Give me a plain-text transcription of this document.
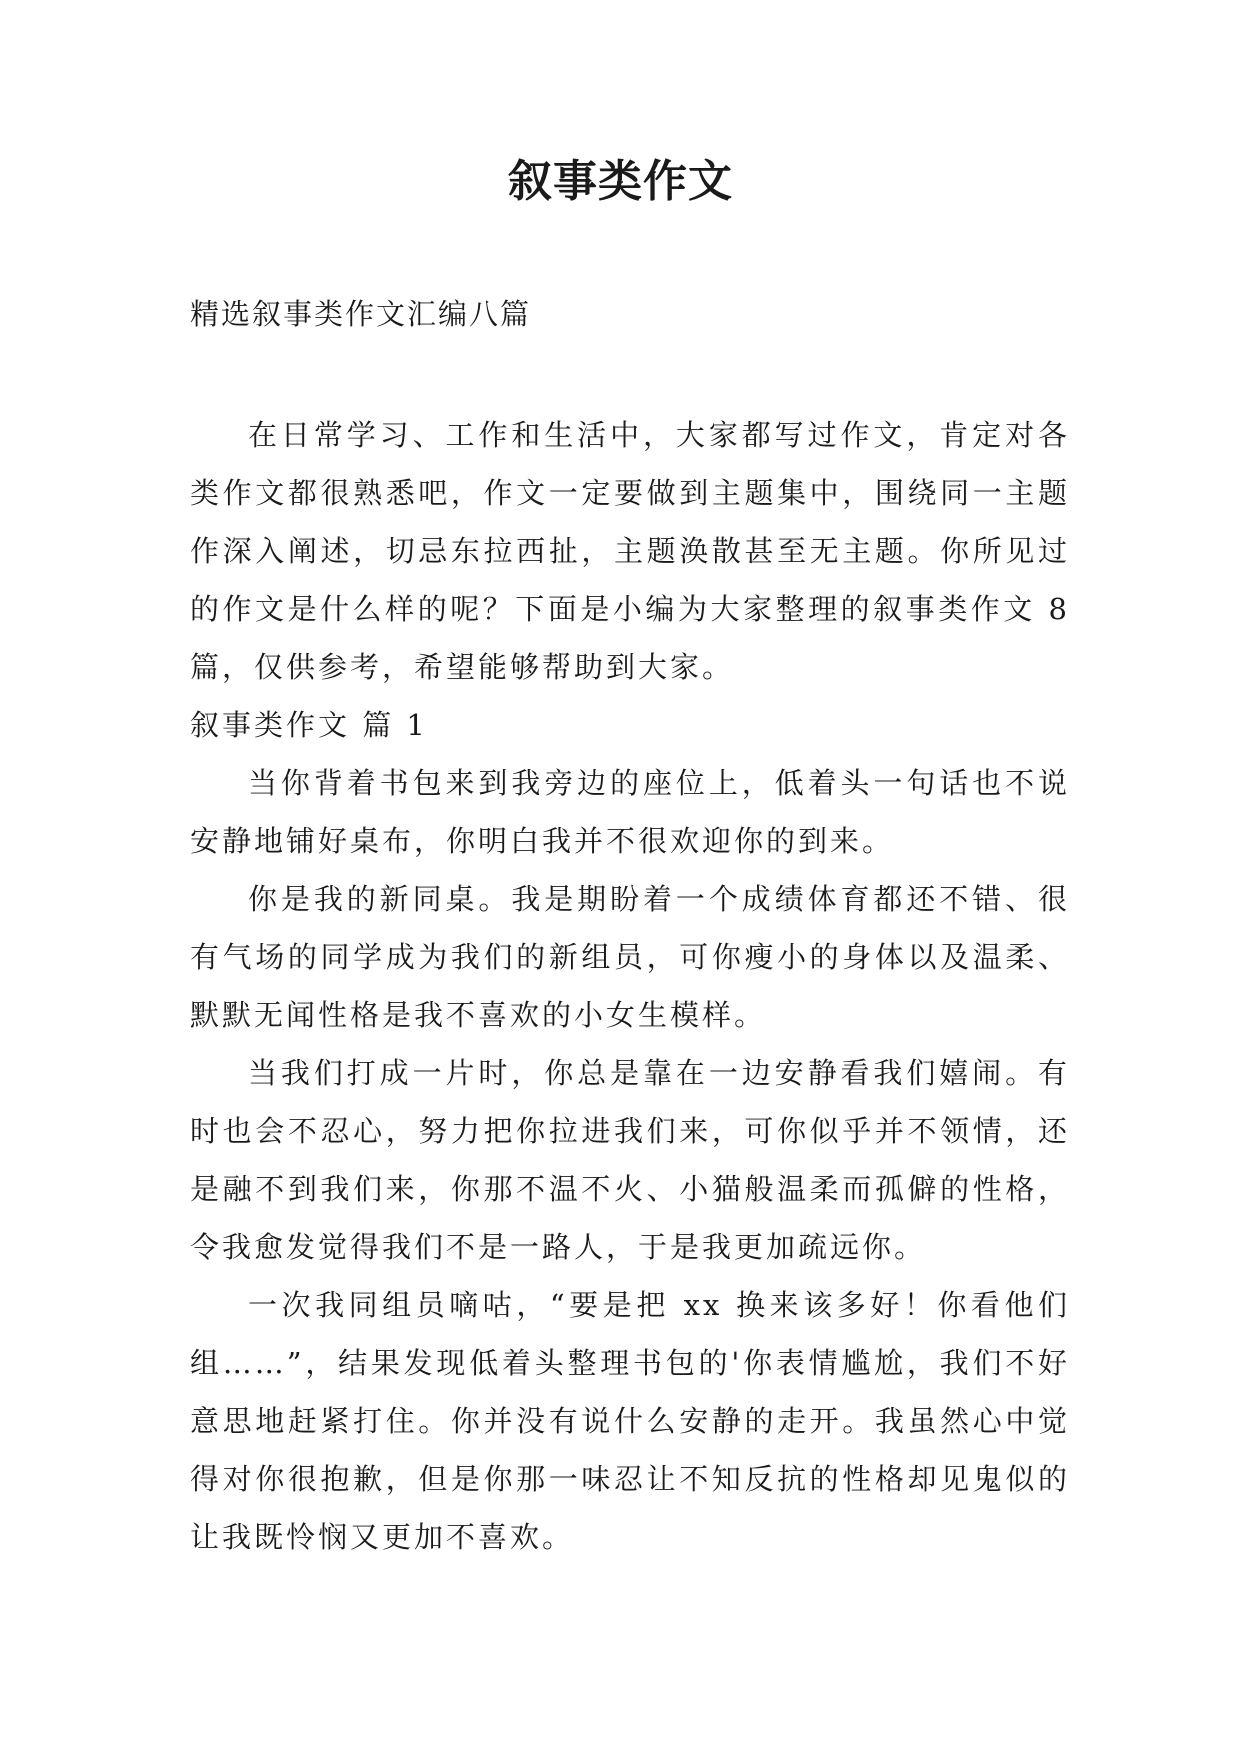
叙事类作文

精选叙事类作文汇编八篇

在日常学习、工作和生活中，大家都写过作文，肯定对各类作文都很熟悉吧，作文一定要做到主题集中，围绕同一主题作深入阐述，切忌东拉西扯，主题涣散甚至无主题。你所见过的作文是什么样的呢？下面是小编为大家整理的叙事类作文 8 篇，仅供参考，希望能够帮助到大家。

叙事类作文 篇 1

当你背着书包来到我旁边的座位上，低着头一句话也不说安静地铺好桌布，你明白我并不很欢迎你的到来。

你是我的新同桌。我是期盼着一个成绩体育都还不错、很有气场的同学成为我们的新组员，可你瘦小的身体以及温柔、默默无闻性格是我不喜欢的小女生模样。

当我们打成一片时，你总是靠在一边安静看我们嬉闹。有时也会不忍心，努力把你拉进我们来，可你似乎并不领情，还是融不到我们来，你那不温不火、小猫般温柔而孤僻的性格，令我愈发觉得我们不是一路人，于是我更加疏远你。

一次我同组员嘀咕，“要是把 xx 换来该多好！你看他们组……”，结果发现低着头整理书包的'你表情尴尬，我们不好意思地赶紧打住。你并没有说什么安静的走开。我虽然心中觉得对你很抱歉，但是你那一味忍让不知反抗的性格却见鬼似的让我既怜悯又更加不喜欢。
